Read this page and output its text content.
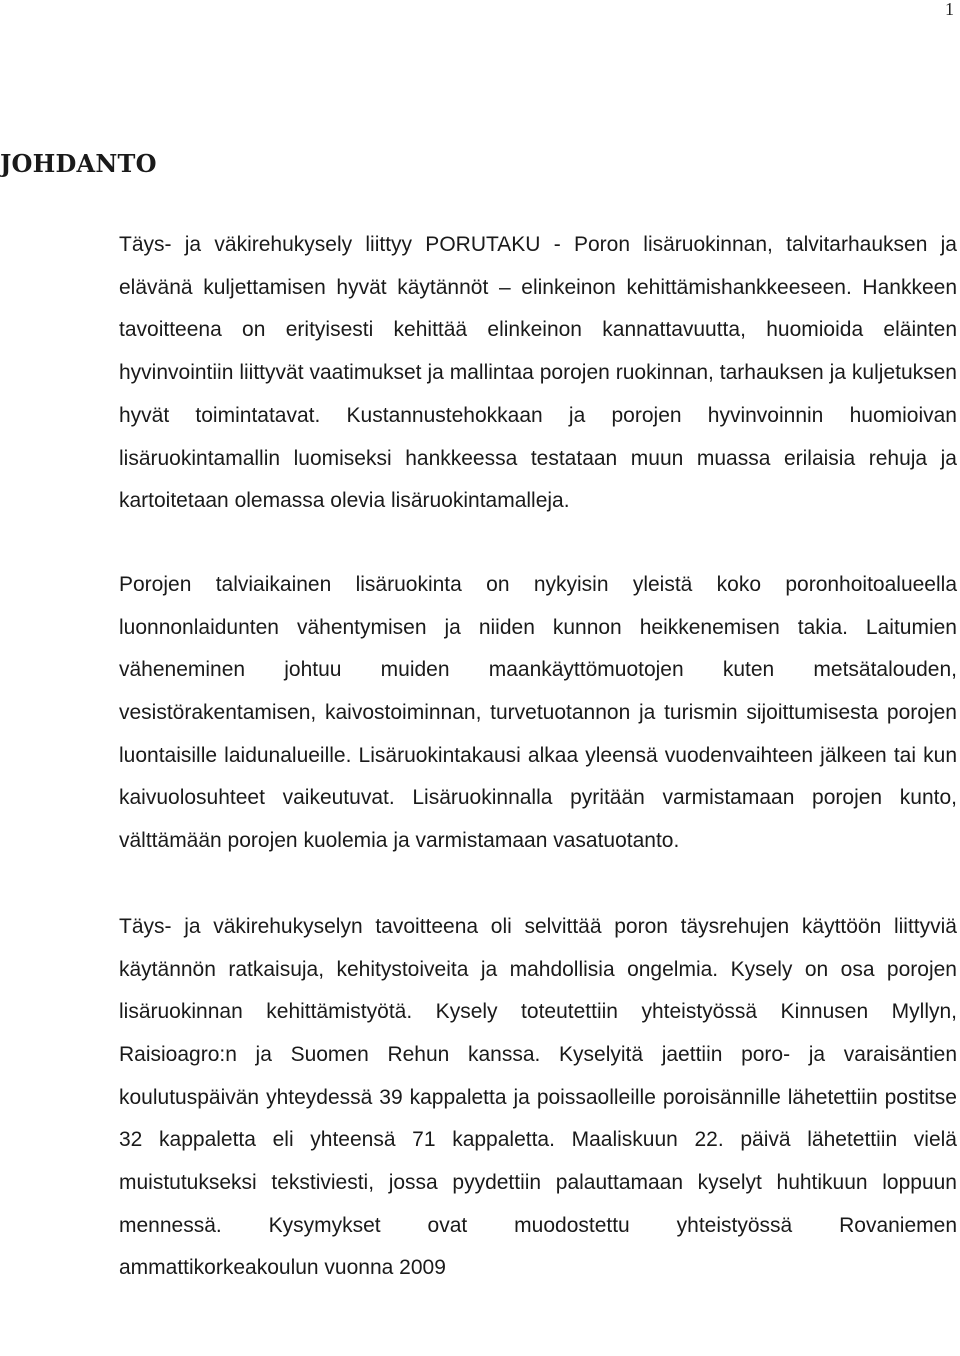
1
JOHDANTO

Täys- ja väkirehukysely liittyy PORUTAKU - Poron lisäruokinnan, talvitarhauksen ja elävänä kuljettamisen hyvät käytännöt – elinkeinon kehittämishankkeeseen. Hankkeen tavoitteena on erityisesti kehittää elinkeinon kannattavuutta, huomioida eläinten hyvinvointiin liittyvät vaatimukset ja mallintaa porojen ruokinnan, tarhauksen ja kuljetuksen hyvät toimintatavat. Kustannustehokkaan ja porojen hyvinvoinnin huomioivan lisäruokintamallin luomiseksi hankkeessa testataan muun muassa erilaisia rehuja ja kartoitetaan olemassa olevia lisäruokintamalleja.

Porojen talviaikainen lisäruokinta on nykyisin yleistä koko poronhoitoalueella luonnonlaidunten vähentymisen ja niiden kunnon heikkenemisen takia. Laitumien väheneminen johtuu muiden maankäyttömuotojen kuten metsätalouden, vesistörakentamisen, kaivostoiminnan, turvetuotannon ja turismin sijoittumisesta porojen luontaisille laidunalueille. Lisäruokintakausi alkaa yleensä vuodenvaihteen jälkeen tai kun kaivuolosuhteet vaikeutuvat. Lisäruokinnalla pyritään varmistamaan porojen kunto, välttämään porojen kuolemia ja varmistamaan vasatuotanto.

Täys- ja väkirehukyselyn tavoitteena oli selvittää poron täysrehujen käyttöön liittyviä käytännön ratkaisuja, kehitystoiveita ja mahdollisia ongelmia. Kysely on osa porojen lisäruokinnan kehittämistyötä. Kysely toteutettiin yhteistyössä Kinnusen Myllyn, Raisioagro:n ja Suomen Rehun kanssa. Kyselyitä jaettiin poro- ja varaisäntien koulutuspäivän yhteydessä 39 kappaletta ja poissaolleille poroisännille lähetettiin postitse 32 kappaletta eli yhteensä 71 kappaletta. Maaliskuun 22. päivä lähetettiin vielä muistutukseksi tekstiviesti, jossa pyydettiin palauttamaan kyselyt huhtikuun loppuun mennessä. Kysymykset ovat muodostettu yhteistyössä Rovaniemen ammattikorkeakoulun vuonna 2009
